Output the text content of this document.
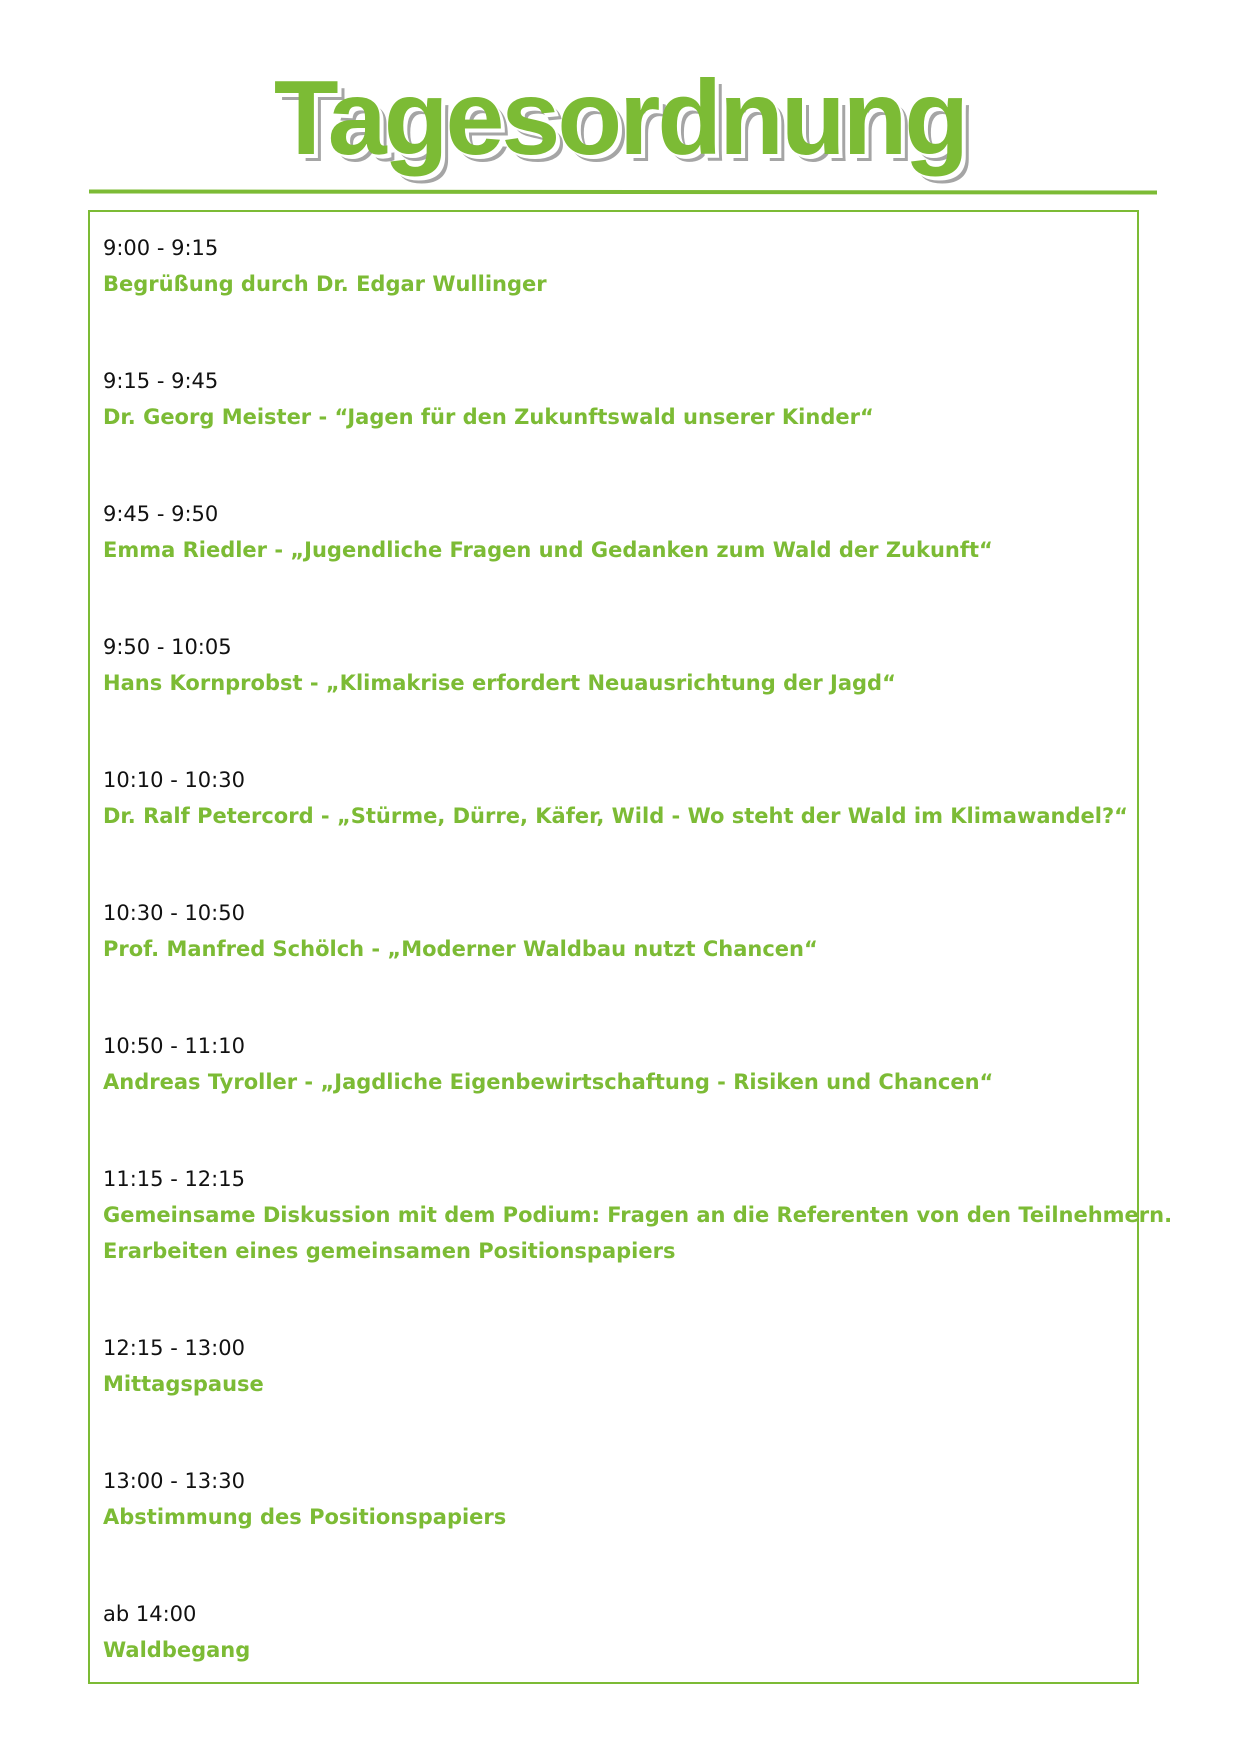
Tagesordnung
9:00 - 9:15
Begrüßung durch Dr. Edgar Wullinger
9:15 - 9:45
Dr. Georg Meister - “Jagen für den Zukunftswald unserer Kinder“
9:45 - 9:50
Emma Riedler - „Jugendliche Fragen und Gedanken zum Wald der Zukunft“
9:50 - 10:05
Hans Kornprobst - „Klimakrise erfordert Neuausrichtung der Jagd“
10:10 - 10:30
Dr. Ralf Petercord - „Stürme, Dürre, Käfer, Wild - Wo steht der Wald im Klimawandel?“
10:30 - 10:50
Prof. Manfred Schölch - „Moderner Waldbau nutzt Chancen“
10:50 - 11:10
Andreas Tyroller - „Jagdliche Eigenbewirtschaftung - Risiken und Chancen“
11:15 - 12:15
Gemeinsame Diskussion mit dem Podium: Fragen an die Referenten von den Teilnehmern.
Erarbeiten eines gemeinsamen Positionspapiers
12:15 - 13:00
Mittagspause
13:00 - 13:30
Abstimmung des Positionspapiers
ab 14:00
Waldbegang
